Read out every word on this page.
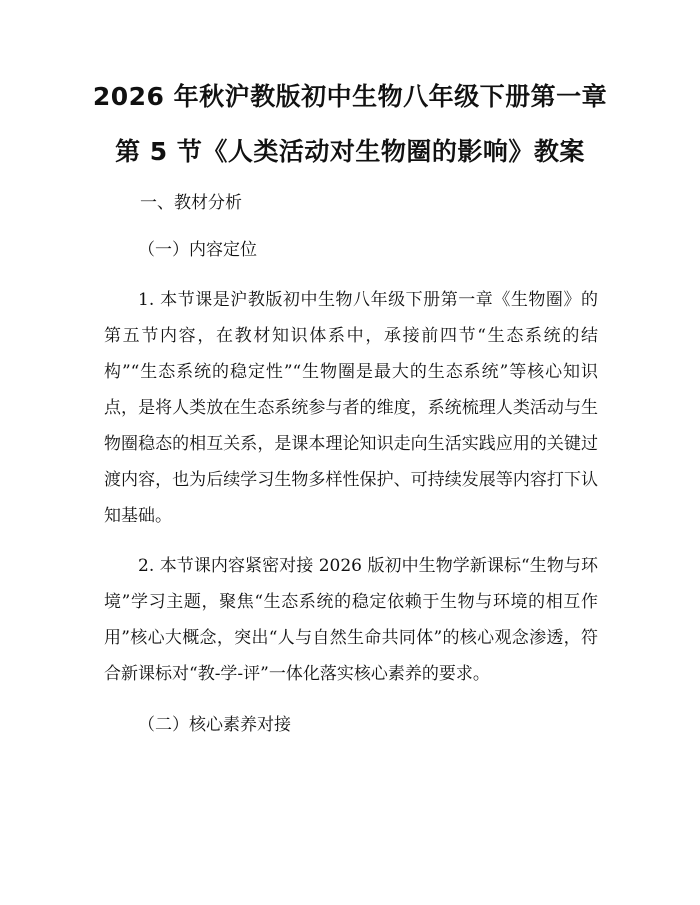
2026 年秋沪教版初中生物八年级下册第一章

第 5 节《人类活动对生物圈的影响》教案

一、教材分析

（一）内容定位

1. 本节课是沪教版初中生物八年级下册第一章《生物圈》的第五节内容，在教材知识体系中，承接前四节“生态系统的结构”“生态系统的稳定性”“生物圈是最大的生态系统”等核心知识点，是将人类放在生态系统参与者的维度，系统梳理人类活动与生物圈稳态的相互关系，是课本理论知识走向生活实践应用的关键过渡内容，也为后续学习生物多样性保护、可持续发展等内容打下认知基础。

2. 本节课内容紧密对接 2026 版初中生物学新课标“生物与环境”学习主题，聚焦“生态系统的稳定依赖于生物与环境的相互作用”核心大概念，突出“人与自然生命共同体”的核心观念渗透，符合新课标对“教-学-评”一体化落实核心素养的要求。

（二）核心素养对接
